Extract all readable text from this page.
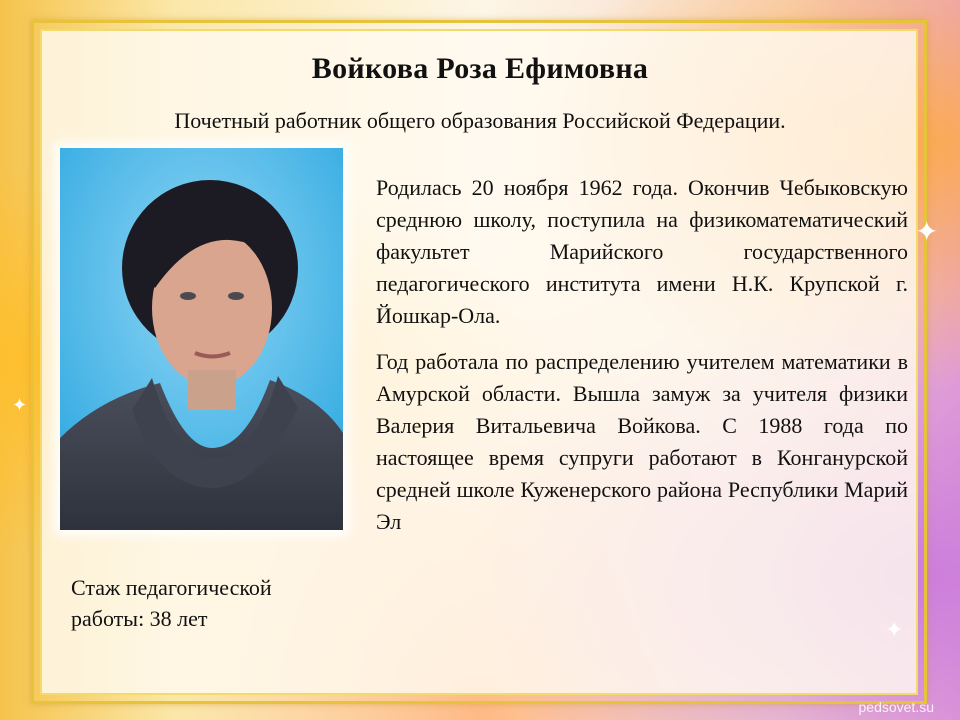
✦
✦
✦
Войкова Роза Ефимовна
Почетный работник общего образования Российской Федерации.
Стаж педагогической работы: 38 лет

Родилась 20 ноября 1962 года. Окончив Чебыковскую среднюю школу, поступила на физикоматематический факультет Марийского государственного педагогического института имени Н.К. Крупской г. Йошкар-Ола.

Год работала по распределению учителем математики в Амурской области. Вышла замуж за учителя физики Валерия Витальевича Войкова. С 1988 года по настоящее время супруги работают в Конганурской средней школе Куженерского района Республики Марий Эл

pedsovet.su
